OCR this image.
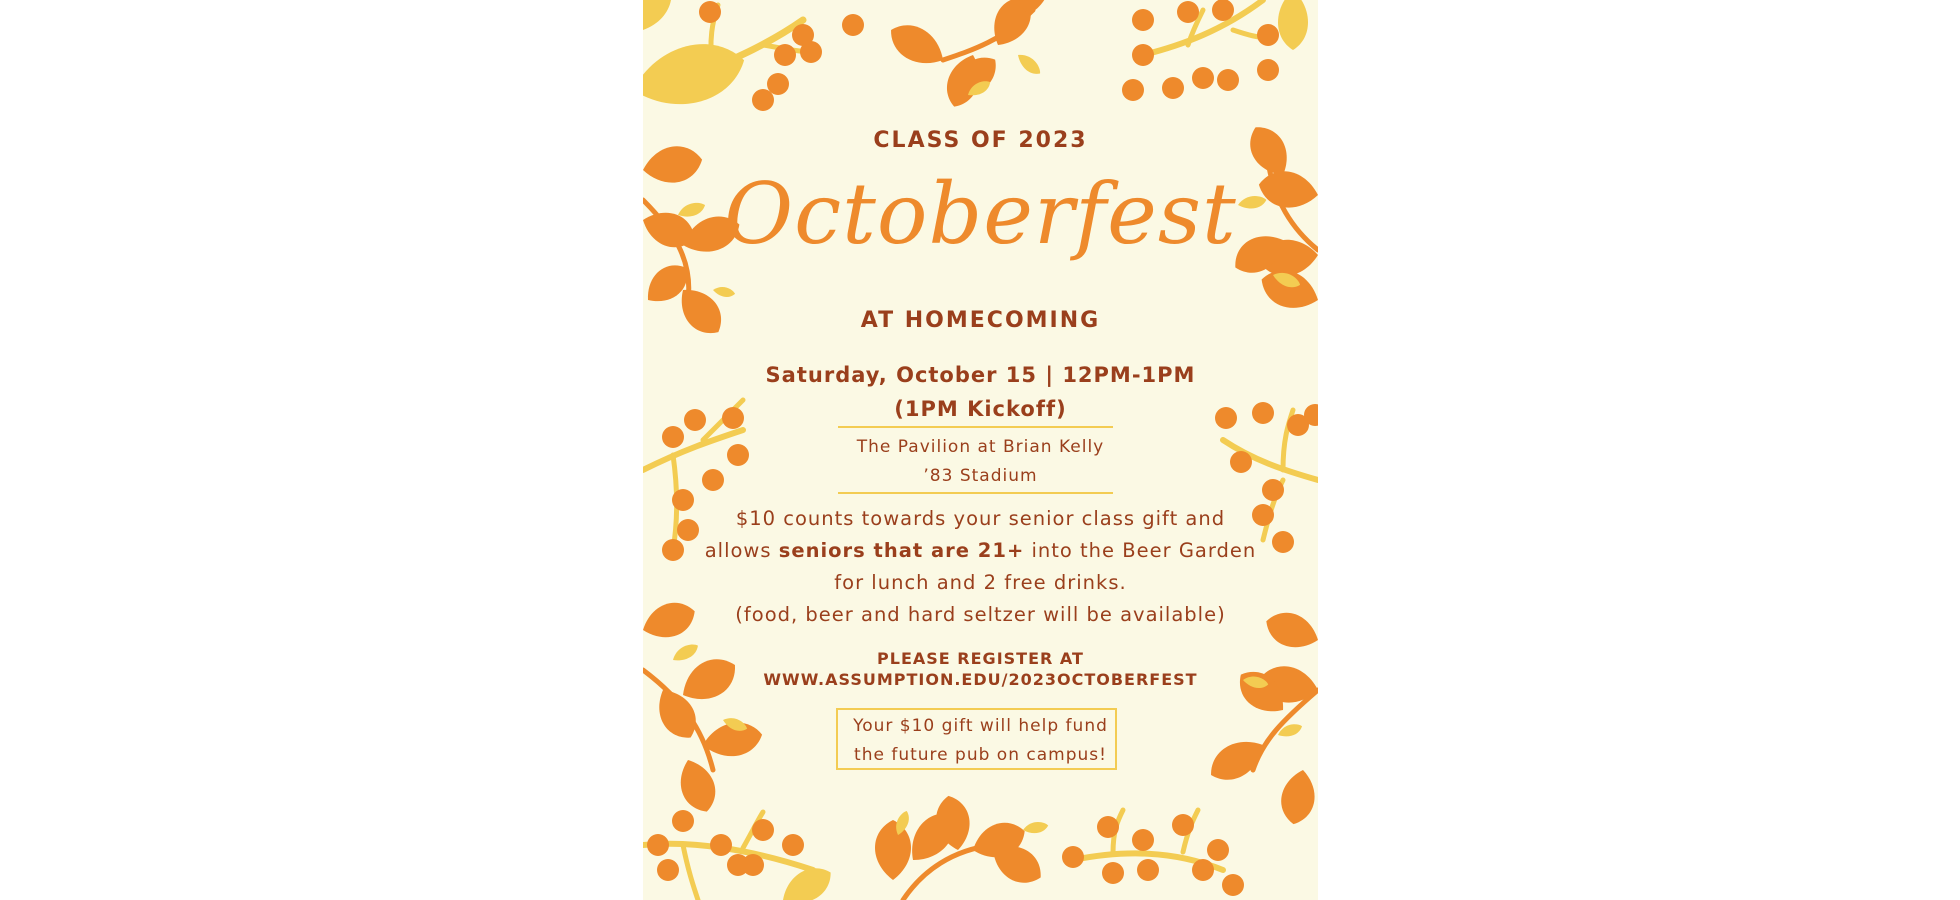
CLASS OF 2023
Octoberfest
AT HOMECOMING
Saturday, October 15 | 12PM-1PM
(1PM Kickoff)
The Pavilion at Brian Kelly
’83 Stadium
$10 counts towards your senior class gift and
allows seniors that are 21+ into the Beer Garden
for lunch and 2 free drinks.
(food, beer and hard seltzer will be available)
PLEASE REGISTER AT
WWW.ASSUMPTION.EDU/2023OCTOBERFEST
Your $10 gift will help fund
the future pub on campus!
